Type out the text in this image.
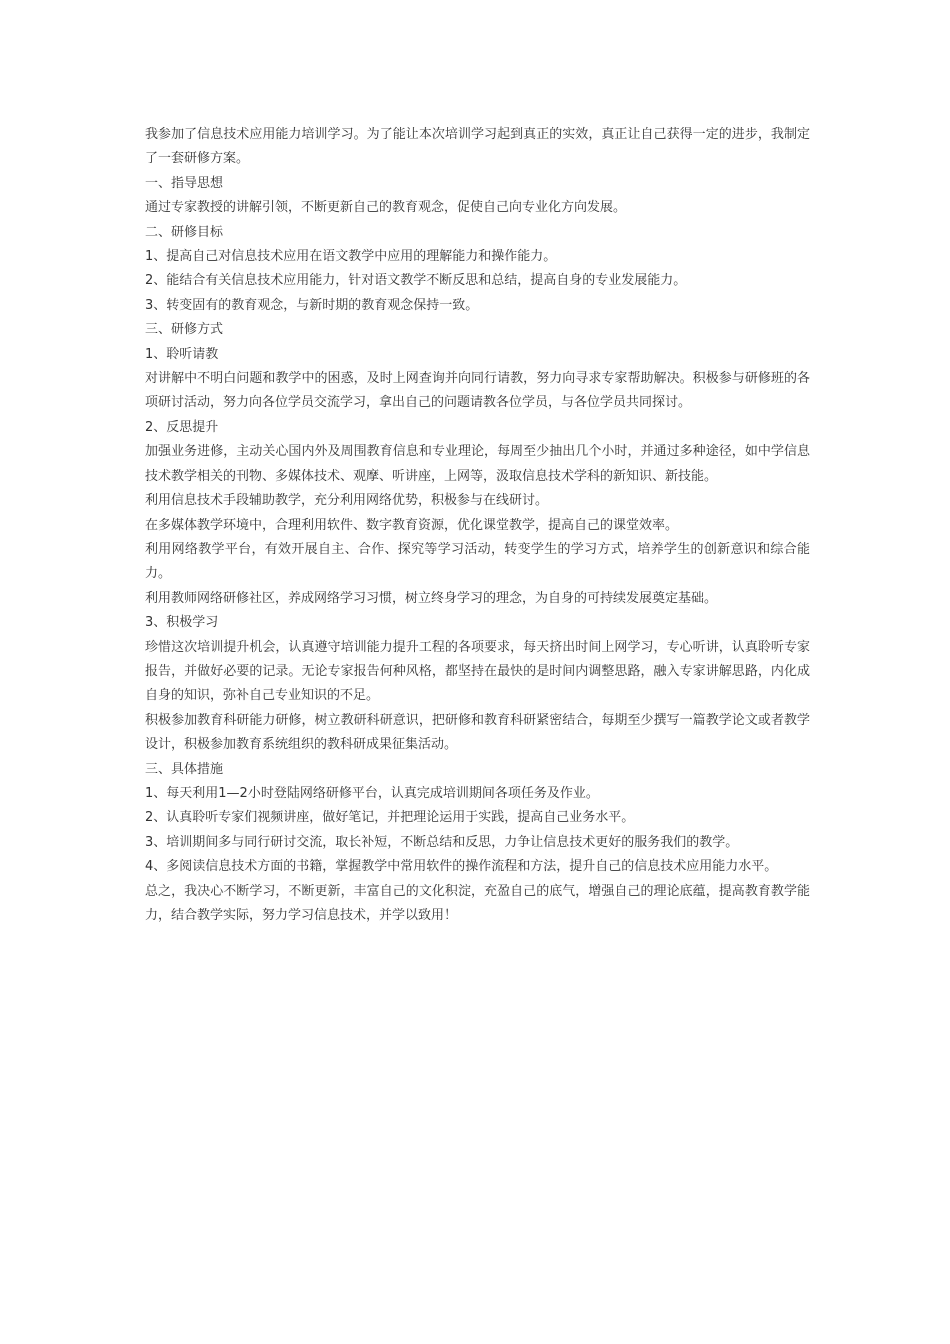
我参加了信息技术应用能力培训学习。为了能让本次培训学习起到真正的实效，真正让自己获得一定的进步，我制定了一套研修方案。

一、指导思想

通过专家教授的讲解引领，不断更新自己的教育观念，促使自己向专业化方向发展。

二、研修目标

1、提高自己对信息技术应用在语文教学中应用的理解能力和操作能力。

2、能结合有关信息技术应用能力，针对语文教学不断反思和总结，提高自身的专业发展能力。

3、转变固有的教育观念，与新时期的教育观念保持一致。

三、研修方式

1、聆听请教

对讲解中不明白问题和教学中的困惑，及时上网查询并向同行请教，努力向寻求专家帮助解决。积极参与研修班的各项研讨活动，努力向各位学员交流学习，拿出自己的问题请教各位学员，与各位学员共同探讨。

2、反思提升

加强业务进修，主动关心国内外及周围教育信息和专业理论，每周至少抽出几个小时，并通过多种途径，如中学信息技术教学相关的刊物、多媒体技术、观摩、听讲座，上网等，汲取信息技术学科的新知识、新技能。

利用信息技术手段辅助教学，充分利用网络优势，积极参与在线研讨。

在多媒体教学环境中，合理利用软件、数字教育资源，优化课堂教学，提高自己的课堂效率。

利用网络教学平台，有效开展自主、合作、探究等学习活动，转变学生的学习方式，培养学生的创新意识和综合能力。

利用教师网络研修社区，养成网络学习习惯，树立终身学习的理念，为自身的可持续发展奠定基础。

3、积极学习

珍惜这次培训提升机会，认真遵守培训能力提升工程的各项要求，每天挤出时间上网学习，专心听讲，认真聆听专家报告，并做好必要的记录。无论专家报告何种风格，都坚持在最快的是时间内调整思路，融入专家讲解思路，内化成自身的知识，弥补自己专业知识的不足。

积极参加教育科研能力研修，树立教研科研意识，把研修和教育科研紧密结合，每期至少撰写一篇教学论文或者教学设计，积极参加教育系统组织的教科研成果征集活动。

三、具体措施

1、每天利用1—2小时登陆网络研修平台，认真完成培训期间各项任务及作业。

2、认真聆听专家们视频讲座，做好笔记，并把理论运用于实践，提高自己业务水平。

3、培训期间多与同行研讨交流，取长补短，不断总结和反思，力争让信息技术更好的服务我们的教学。

4、多阅读信息技术方面的书籍，掌握教学中常用软件的操作流程和方法，提升自己的信息技术应用能力水平。

总之，我决心不断学习，不断更新，丰富自己的文化积淀，充盈自己的底气，增强自己的理论底蕴，提高教育教学能力，结合教学实际，努力学习信息技术，并学以致用！
